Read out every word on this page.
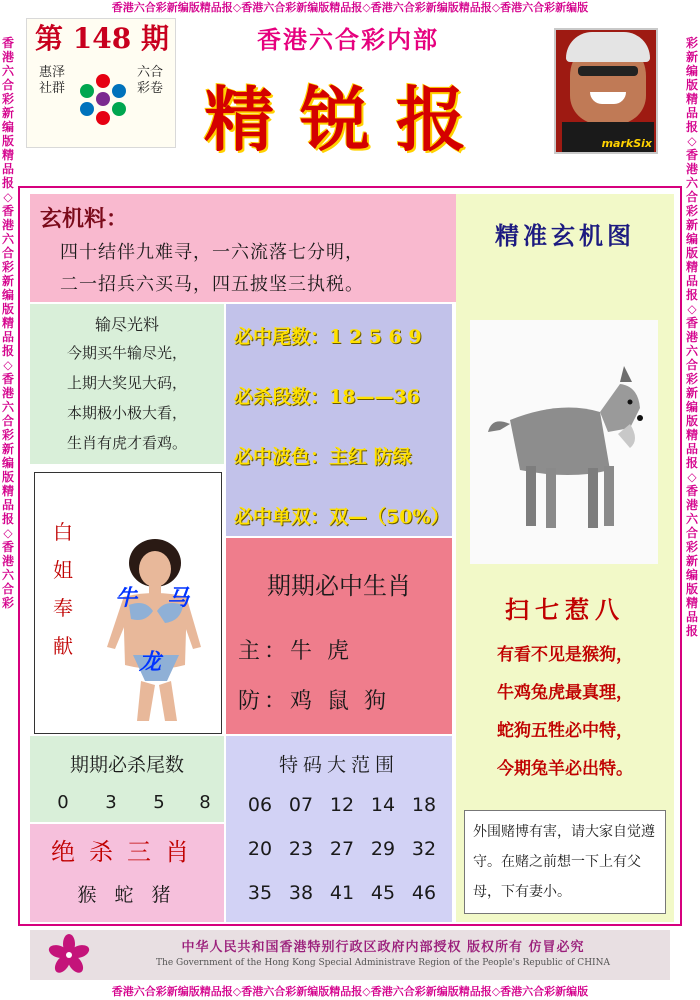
香港六合彩新编版精品报◇香港六合彩新编版精品报◇香港六合彩新编版精品报◇香港六合彩新编版
香港六合彩新编版精品报◇香港六合彩新编版精品报◇香港六合彩新编版精品报◇香港六合彩
彩新编版精品报◇香港六合彩新编版精品报◇香港六合彩新编版精品报◇香港六合彩新编版精品报
第 148 期
惠泽社群
六合彩卷
香港六合彩内部
精锐报	markSix
玄机料：
四十结伴九难寻，一六流落七分明，
二一招兵六买马，四五披坚三执税。
输尽光料
今期买牛输尽光，
上期大奖见大码，
本期极小极大看，
生肖有虎才看鸡。
白
姐
奉
献
牛 马
龙
必中尾数：1 2 5 6 9
必杀段数：18——36
必中波色：主红 防绿
必中单双：双—（50%）
期期必中生肖
主：牛 虎
防：鸡 鼠 狗
期期必杀尾数
0	3	5	8
绝杀三肖
猴 蛇 猪
特码大范围
06 07 12 14 18
20 23 27 29 32
35 38 41 45 46
精准玄机图
扫七惹八
有看不见是猴狗，
牛鸡兔虎最真理，
蛇狗五牲必中特，
今期兔羊必出特。
外围赌博有害，请大家自觉遵守。在赌之前想一下上有父母，下有妻小。
中华人民共和国香港特别行政区政府内部授权 版权所有 仿冒必究
The Government of the Hong Kong Special Administrave Region of the People's Republic of CHINA
香港六合彩新编版精品报◇香港六合彩新编版精品报◇香港六合彩新编版精品报◇香港六合彩新编版
